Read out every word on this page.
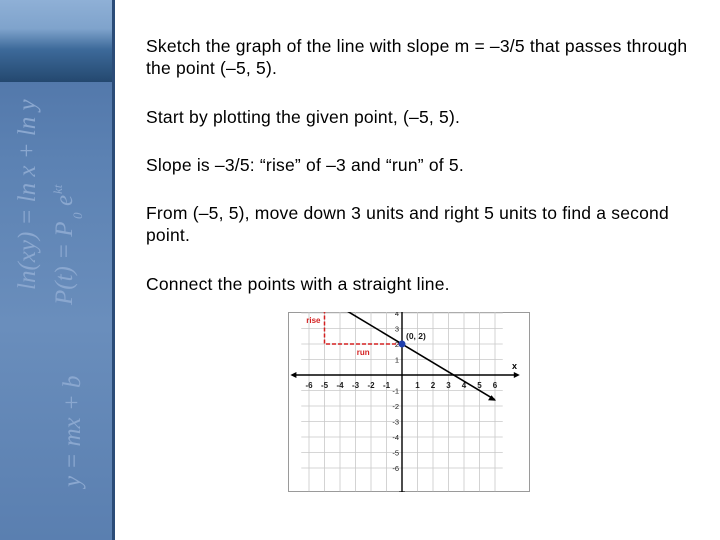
ln(xy) = ln x + ln y P(t) = P
0
e
kt
y = mx + b

Sketch the graph of the line with slope m = –3/5 that passes through the point (–5, 5).

Start by plotting the given point, (–5, 5).

Slope is –3/5: “rise” of –3 and “run” of 5.

From (–5, 5), move down 3 units and right 5 units to find a second point.

Connect the points with a straight line.

x
-6 -5 -4 -3 -2 -1	1 2 3 4 5 6
4
3
2
1
-1
-2
-3
-4
-5
-6
(0, 2)
rise
run
